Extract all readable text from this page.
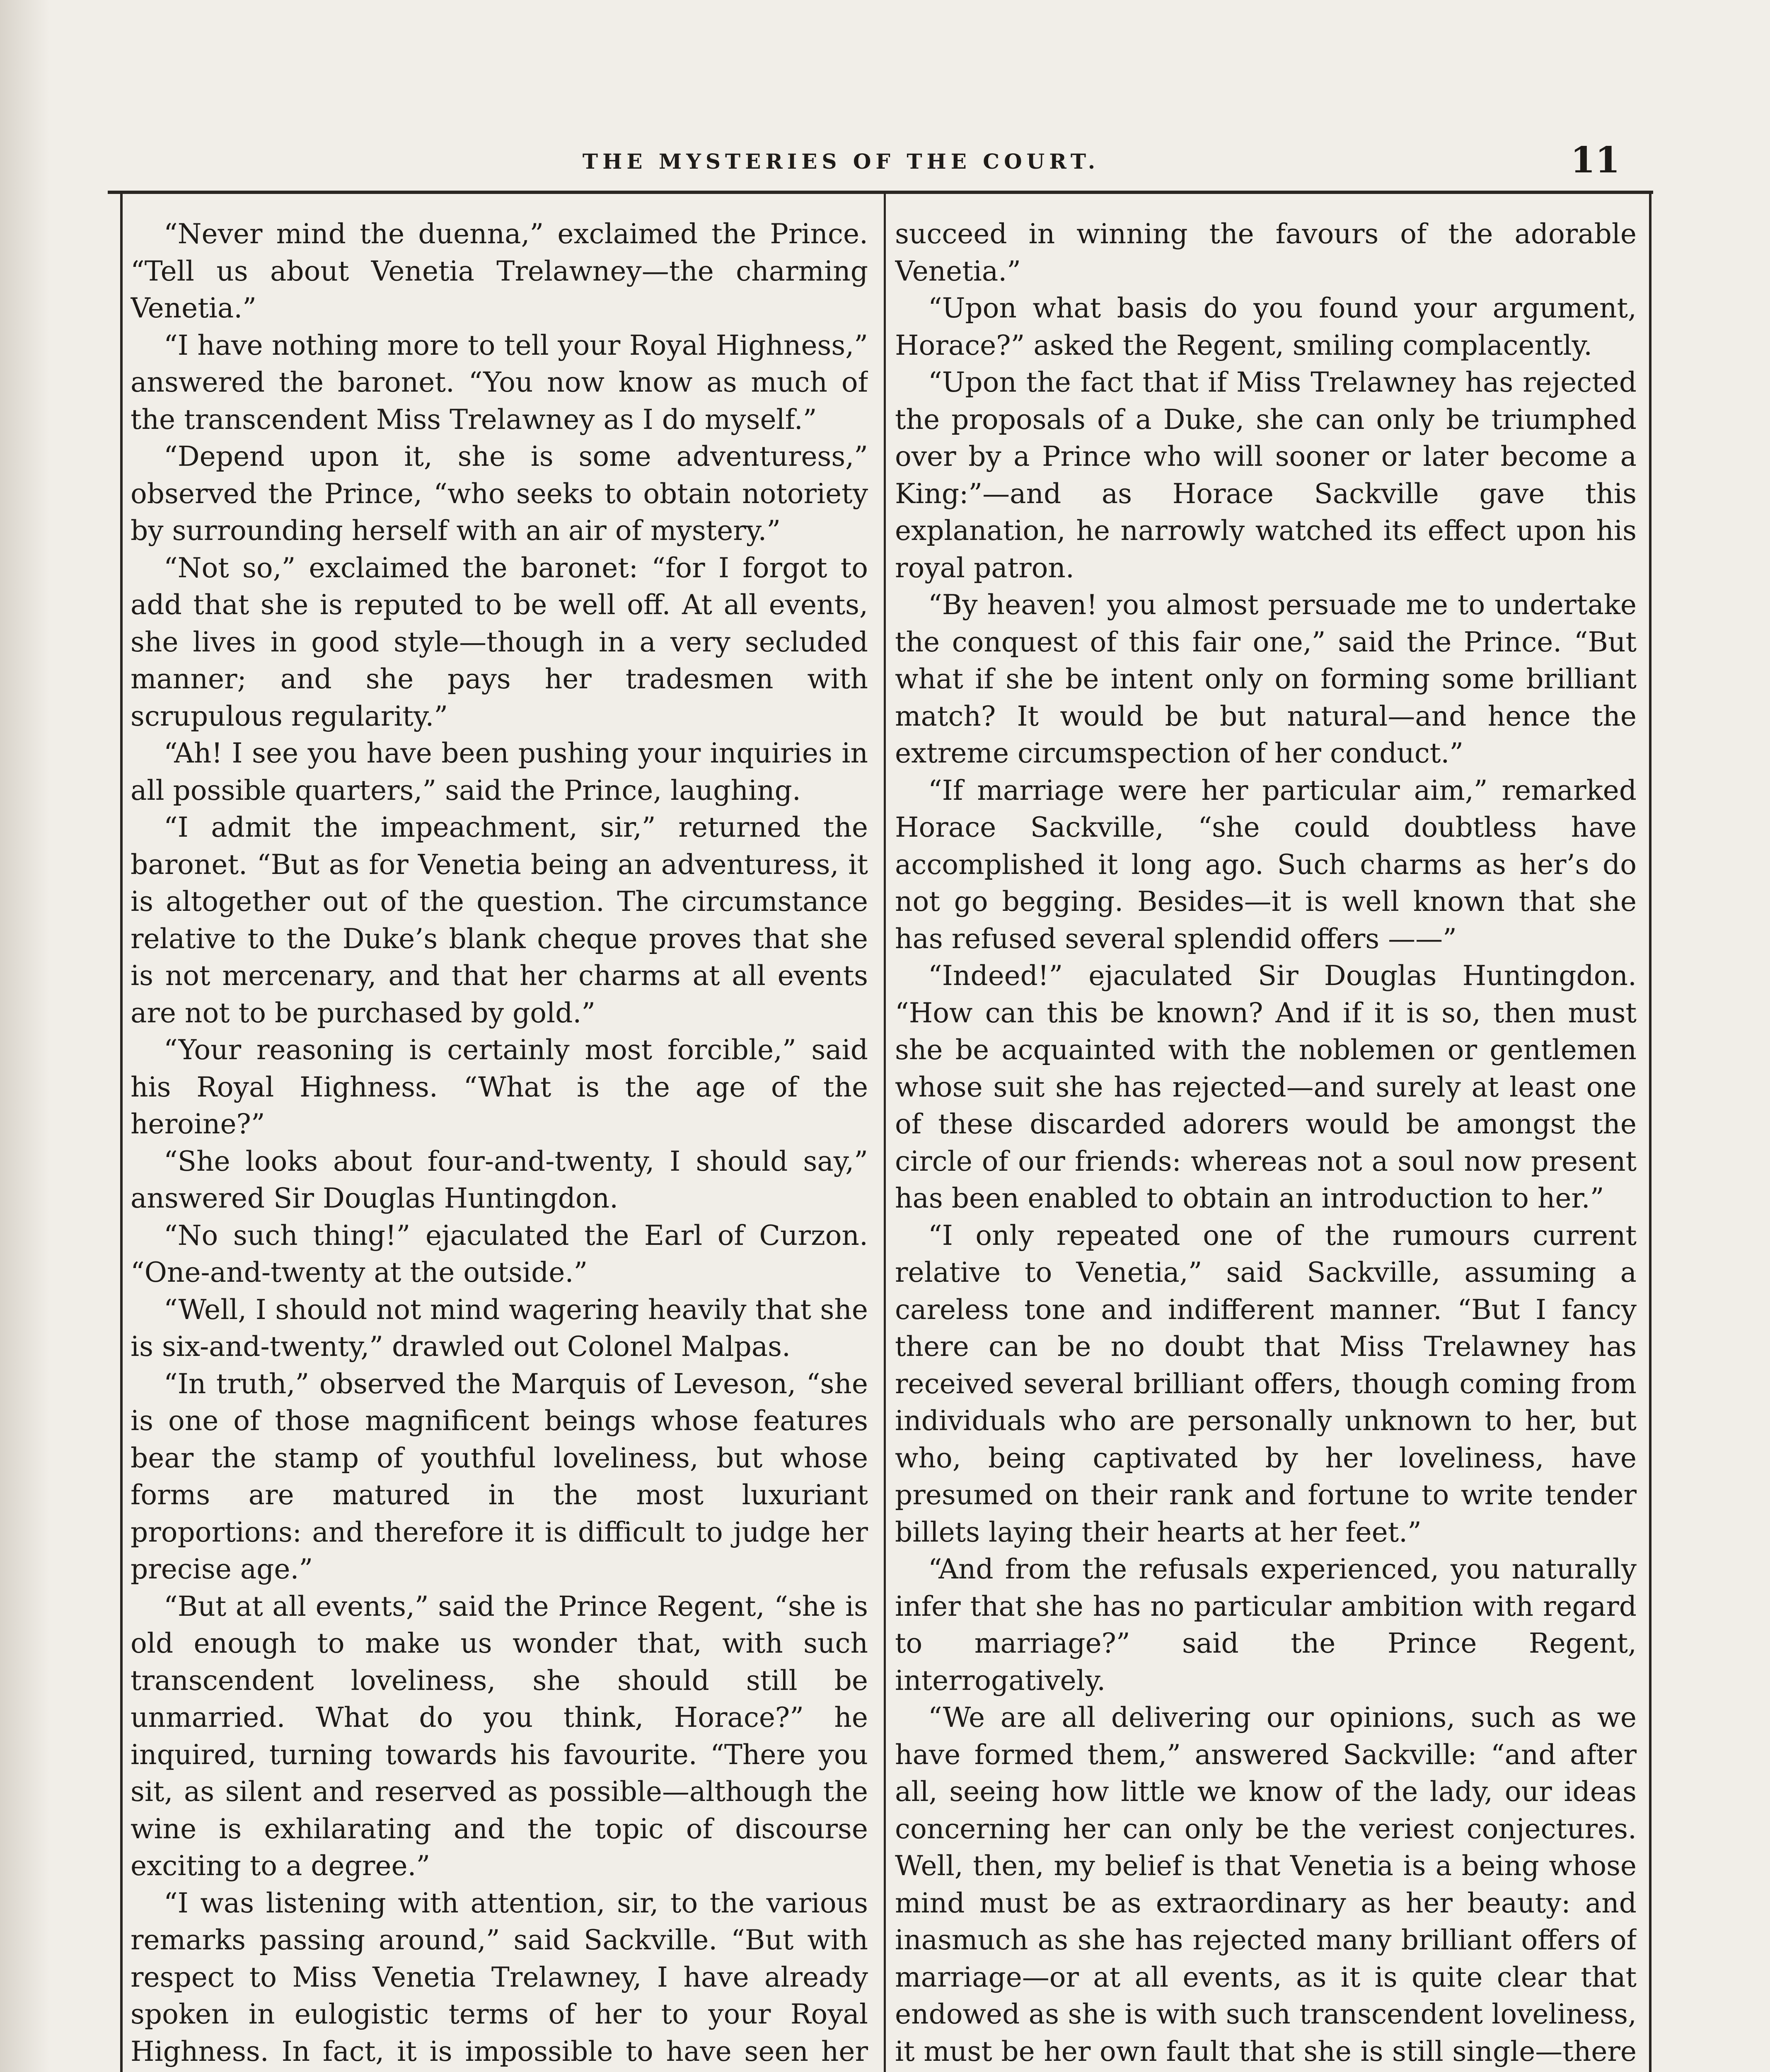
THE MYSTERIES OF THE COURT.	11

“Never mind the duenna,” exclaimed the Prince. “Tell us about Venetia Trelawney—the charming Venetia.”

“I have nothing more to tell your Royal Highness,” answered the baronet. “You now know as much of the transcendent Miss Trelawney as I do myself.”

“Depend upon it, she is some adventuress,” observed the Prince, “who seeks to obtain notoriety by surrounding herself with an air of mystery.”

“Not so,” exclaimed the baronet: “for I forgot to add that she is reputed to be well off. At all events, she lives in good style—though in a very secluded manner; and she pays her tradesmen with scrupulous regularity.”

“Ah! I see you have been pushing your inquiries in all possible quarters,” said the Prince, laughing.

“I admit the impeachment, sir,” returned the baronet. “But as for Venetia being an adventuress, it is altogether out of the question. The circumstance relative to the Duke’s blank cheque proves that she is not mercenary, and that her charms at all events are not to be purchased by gold.”

“Your reasoning is certainly most forcible,” said his Royal Highness. “What is the age of the heroine?”

“She looks about four-and-twenty, I should say,” answered Sir Douglas Huntingdon.

“No such thing!” ejaculated the Earl of Curzon. “One-and-twenty at the outside.”

“Well, I should not mind wagering heavily that she is six-and-twenty,” drawled out Colonel Malpas.

“In truth,” observed the Marquis of Leveson, “she is one of those magnificent beings whose features bear the stamp of youthful loveliness, but whose forms are matured in the most luxuriant proportions: and therefore it is difficult to judge her precise age.”

“But at all events,” said the Prince Regent, “she is old enough to make us wonder that, with such transcendent loveliness, she should still be unmarried. What do you think, Horace?” he inquired, turning towards his favourite. “There you sit, as silent and reserved as possible—although the wine is exhilarating and the topic of discourse exciting to a degree.”

“I was listening with attention, sir, to the various remarks passing around,” said Sackville. “But with respect to Miss Venetia Trelawney, I have already spoken in eulogistic terms of her to your Royal Highness. In fact, it is impossible to have seen her

succeed in winning the favours of the adorable Venetia.”

“Upon what basis do you found your argument, Horace?” asked the Regent, smiling complacently.

“Upon the fact that if Miss Trelawney has rejected the proposals of a Duke, she can only be triumphed over by a Prince who will sooner or later become a King:”—and as Horace Sackville gave this explanation, he narrowly watched its effect upon his royal patron.

“By heaven! you almost persuade me to undertake the conquest of this fair one,” said the Prince. “But what if she be intent only on forming some brilliant match? It would be but natural—and hence the extreme circumspection of her conduct.”

“If marriage were her particular aim,” remarked Horace Sackville, “she could doubtless have accomplished it long ago. Such charms as her’s do not go begging. Besides—it is well known that she has refused several splendid offers ——”

“Indeed!” ejaculated Sir Douglas Huntingdon. “How can this be known? And if it is so, then must she be acquainted with the noblemen or gentlemen whose suit she has rejected—and surely at least one of these discarded adorers would be amongst the circle of our friends: whereas not a soul now present has been enabled to obtain an introduction to her.”

“I only repeated one of the rumours current relative to Venetia,” said Sackville, assuming a careless tone and indifferent manner. “But I fancy there can be no doubt that Miss Trelawney has received several brilliant offers, though coming from individuals who are personally unknown to her, but who, being captivated by her loveliness, have presumed on their rank and fortune to write tender billets laying their hearts at her feet.”

“And from the refusals experienced, you naturally infer that she has no particular ambition with regard to marriage?” said the Prince Regent, interrogatively.

“We are all delivering our opinions, such as we have formed them,” answered Sackville: “and after all, seeing how little we know of the lady, our ideas concerning her can only be the veriest conjectures. Well, then, my belief is that Venetia is a being whose mind must be as extraordinary as her beauty: and inasmuch as she has rejected many brilliant offers of marriage—or at all events, as it is quite clear that endowed as she is with such transcendent loveliness, it must be her own fault that she is still single—there
